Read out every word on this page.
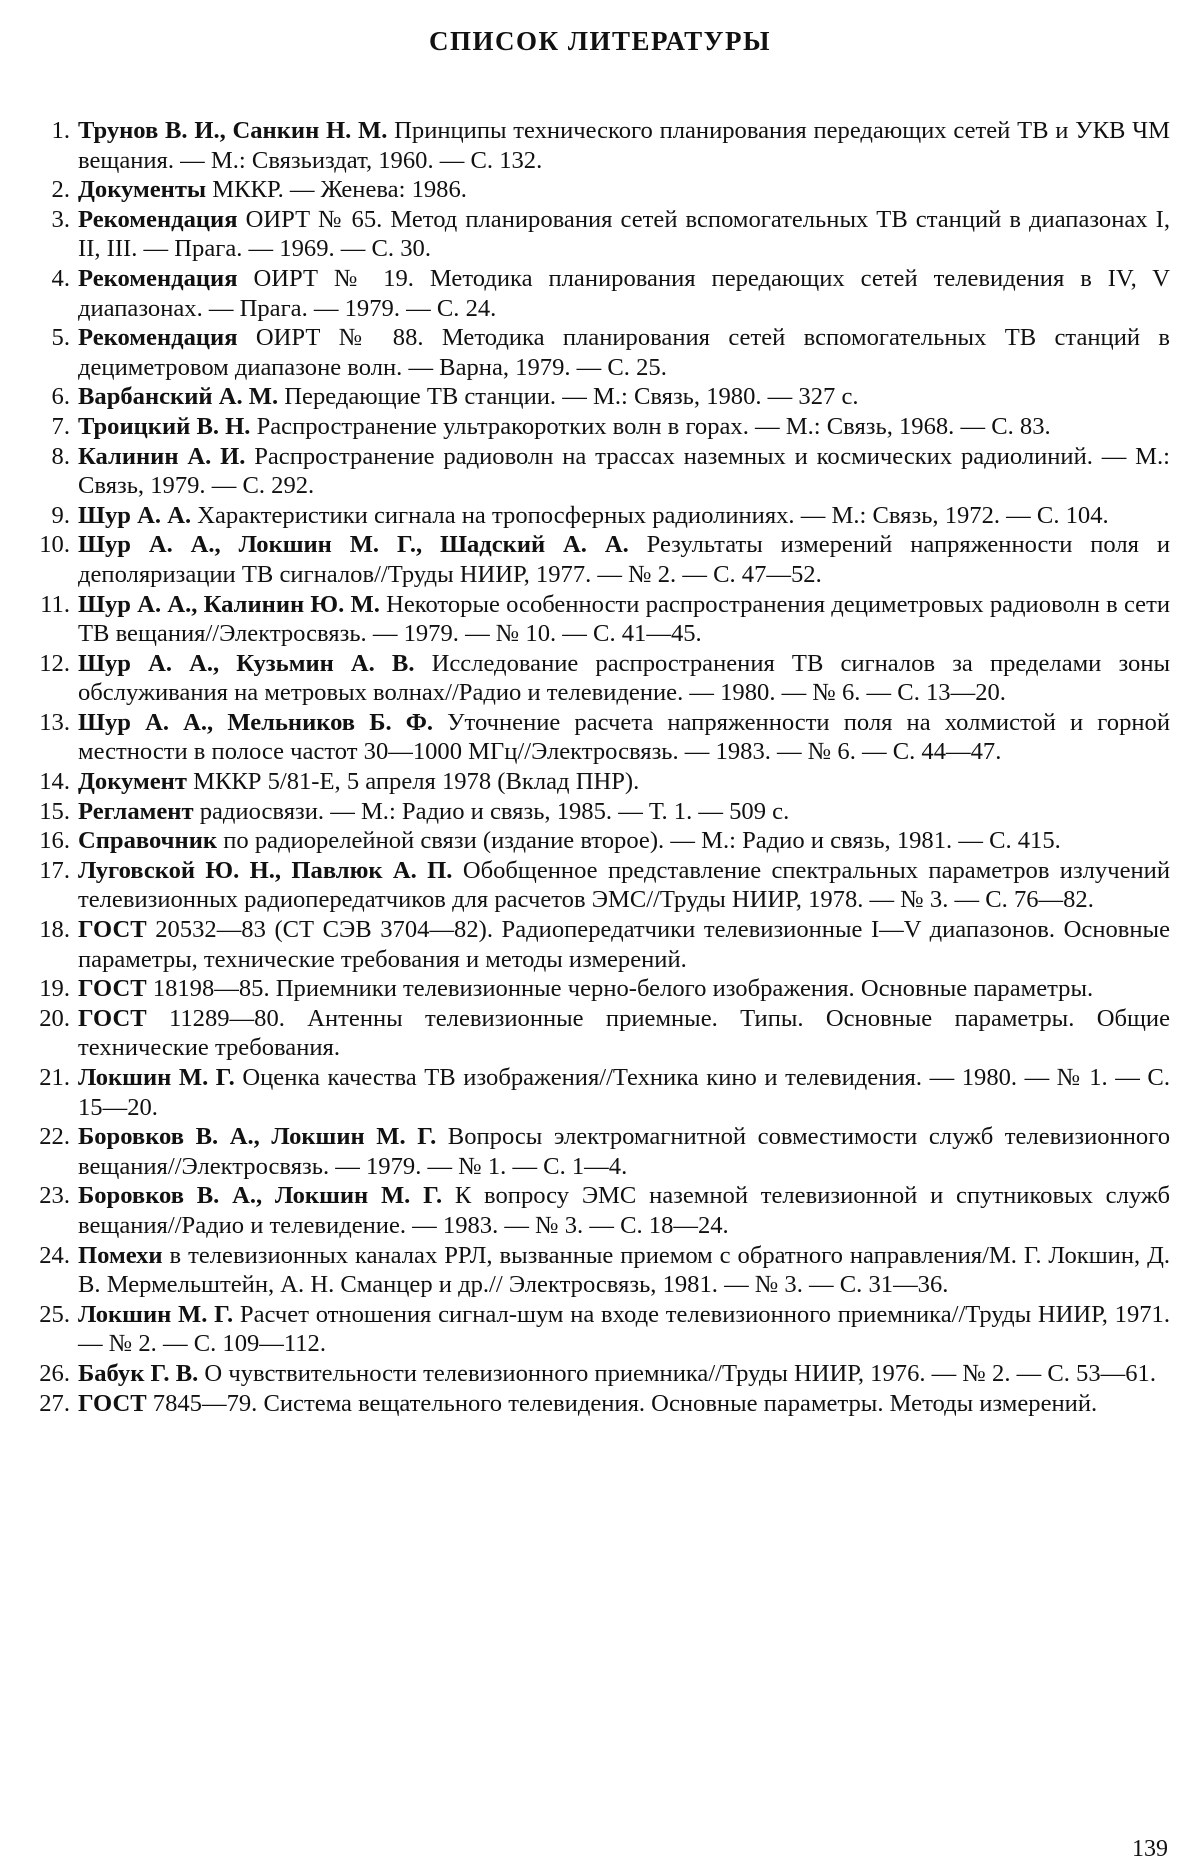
СПИСОК ЛИТЕРАТУРЫ
1. Трунов В. И., Санкин Н. М. Принципы технического планирования передающих сетей ТВ и УКВ ЧМ вещания. — М.: Связьиздат, 1960. — С. 132.
2. Документы МККР. — Женева: 1986.
3. Рекомендация ОИРТ № 65. Метод планирования сетей вспомогательных ТВ станций в диапазонах I, II, III. — Прага. — 1969. — С. 30.
4. Рекомендация ОИРТ № 19. Методика планирования передающих сетей телевидения в IV, V диапазонах. — Прага. — 1979. — С. 24.
5. Рекомендация ОИРТ № 88. Методика планирования сетей вспомогательных ТВ станций в дециметровом диапазоне волн. — Варна, 1979. — С. 25.
6. Варбанский А. М. Передающие ТВ станции. — М.: Связь, 1980. — 327 с.
7. Троицкий В. Н. Распространение ультракоротких волн в горах. — М.: Связь, 1968. — С. 83.
8. Калинин А. И. Распространение радиоволн на трассах наземных и космических радиолиний. — М.: Связь, 1979. — С. 292.
9. Шур А. А. Характеристики сигнала на тропосферных радиолиниях. — М.: Связь, 1972. — С. 104.
10. Шур А. А., Локшин М. Г., Шадский А. А. Результаты измерений напряженности поля и деполяризации ТВ сигналов//Труды НИИР, 1977. — № 2. — С. 47—52.
11. Шур А. А., Калинин Ю. М. Некоторые особенности распространения дециметровых радиоволн в сети ТВ вещания//Электросвязь. — 1979. — № 10. — С. 41—45.
12. Шур А. А., Кузьмин А. В. Исследование распространения ТВ сигналов за пределами зоны обслуживания на метровых волнах//Радио и телевидение. — 1980. — № 6. — С. 13—20.
13. Шур А. А., Мельников Б. Ф. Уточнение расчета напряженности поля на холмистой и горной местности в полосе частот 30—1000 МГц//Электросвязь. — 1983. — № 6. — С. 44—47.
14. Документ МККР 5/81-Е, 5 апреля 1978 (Вклад ПНР).
15. Регламент радиосвязи. — М.: Радио и связь, 1985. — Т. 1. — 509 с.
16. Справочник по радиорелейной связи (издание второе). — М.: Радио и связь, 1981. — С. 415.
17. Луговской Ю. Н., Павлюк А. П. Обобщенное представление спектральных параметров излучений телевизионных радиопередатчиков для расчетов ЭМС//Труды НИИР, 1978. — № 3. — С. 76—82.
18. ГОСТ 20532—83 (СТ СЭВ 3704—82). Радиопередатчики телевизионные I—V диапазонов. Основные параметры, технические требования и методы измерений.
19. ГОСТ 18198—85. Приемники телевизионные черно-белого изображения. Основные параметры.
20. ГОСТ 11289—80. Антенны телевизионные приемные. Типы. Основные параметры. Общие технические требования.
21. Локшин М. Г. Оценка качества ТВ изображения//Техника кино и телевидения. — 1980. — № 1. — С. 15—20.
22. Боровков В. А., Локшин М. Г. Вопросы электромагнитной совместимости служб телевизионного вещания//Электросвязь. — 1979. — № 1. — С. 1—4.
23. Боровков В. А., Локшин М. Г. К вопросу ЭМС наземной телевизионной и спутниковых служб вещания//Радио и телевидение. — 1983. — № 3. — С. 18—24.
24. Помехи в телевизионных каналах РРЛ, вызванные приемом с обратного направления/М. Г. Локшин, Д. В. Мермельштейн, А. Н. Сманцер и др.// Электросвязь, 1981. — № 3. — С. 31—36.
25. Локшин М. Г. Расчет отношения сигнал-шум на входе телевизионного приемника//Труды НИИР, 1971. — № 2. — С. 109—112.
26. Бабук Г. В. О чувствительности телевизионного приемника//Труды НИИР, 1976. — № 2. — С. 53—61.
27. ГОСТ 7845—79. Система вещательного телевидения. Основные параметры. Методы измерений.
139
